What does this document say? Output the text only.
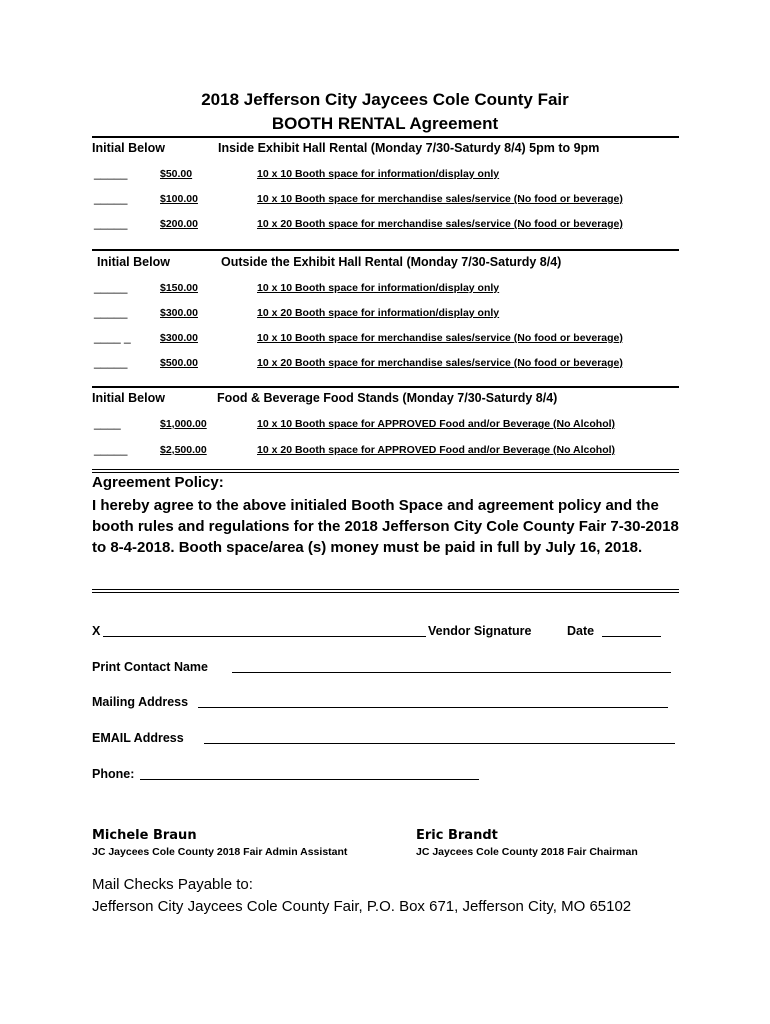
2018 Jefferson City Jaycees Cole County Fair
BOOTH RENTAL Agreement
Initial Below	Inside Exhibit Hall Rental (Monday 7/30-Saturdy 8/4) 5pm to 9pm
_____	$50.00	10 x 10 Booth space for information/display only
_____	$100.00	10 x 10 Booth space for merchandise sales/service (No food or beverage)
_____	$200.00	10 x 20 Booth space for merchandise sales/service (No food or beverage)
Initial Below	Outside the Exhibit Hall Rental (Monday 7/30-Saturdy 8/4)
_____	$150.00	10 x 10 Booth space for information/display only
_____	$300.00	10 x 20 Booth space for information/display only
____ _	$300.00	10 x 10 Booth space for merchandise sales/service (No food or beverage)
_____	$500.00	10 x 20 Booth space for merchandise sales/service (No food or beverage)
Initial Below	Food & Beverage Food Stands (Monday 7/30-Saturdy 8/4)
____	$1,000.00	10 x 10 Booth space for APPROVED Food and/or Beverage (No Alcohol)
_____	$2,500.00	10 x 20 Booth space for APPROVED Food and/or Beverage (No Alcohol)
Agreement Policy:
I hereby agree to the above initialed Booth Space and agreement policy and the booth rules and regulations for the 2018 Jefferson City Cole County Fair 7-30-2018 to 8-4-2018. Booth space/area (s) money must be paid in full by July 16, 2018.
X	Vendor Signature	Date
Print Contact Name
Mailing Address
EMAIL Address
Phone:
Michele Braun
JC Jaycees Cole County 2018 Fair Admin Assistant
Eric Brandt
JC Jaycees Cole County 2018 Fair Chairman
Mail Checks Payable to:
Jefferson City Jaycees Cole County Fair, P.O. Box 671, Jefferson City, MO 65102
